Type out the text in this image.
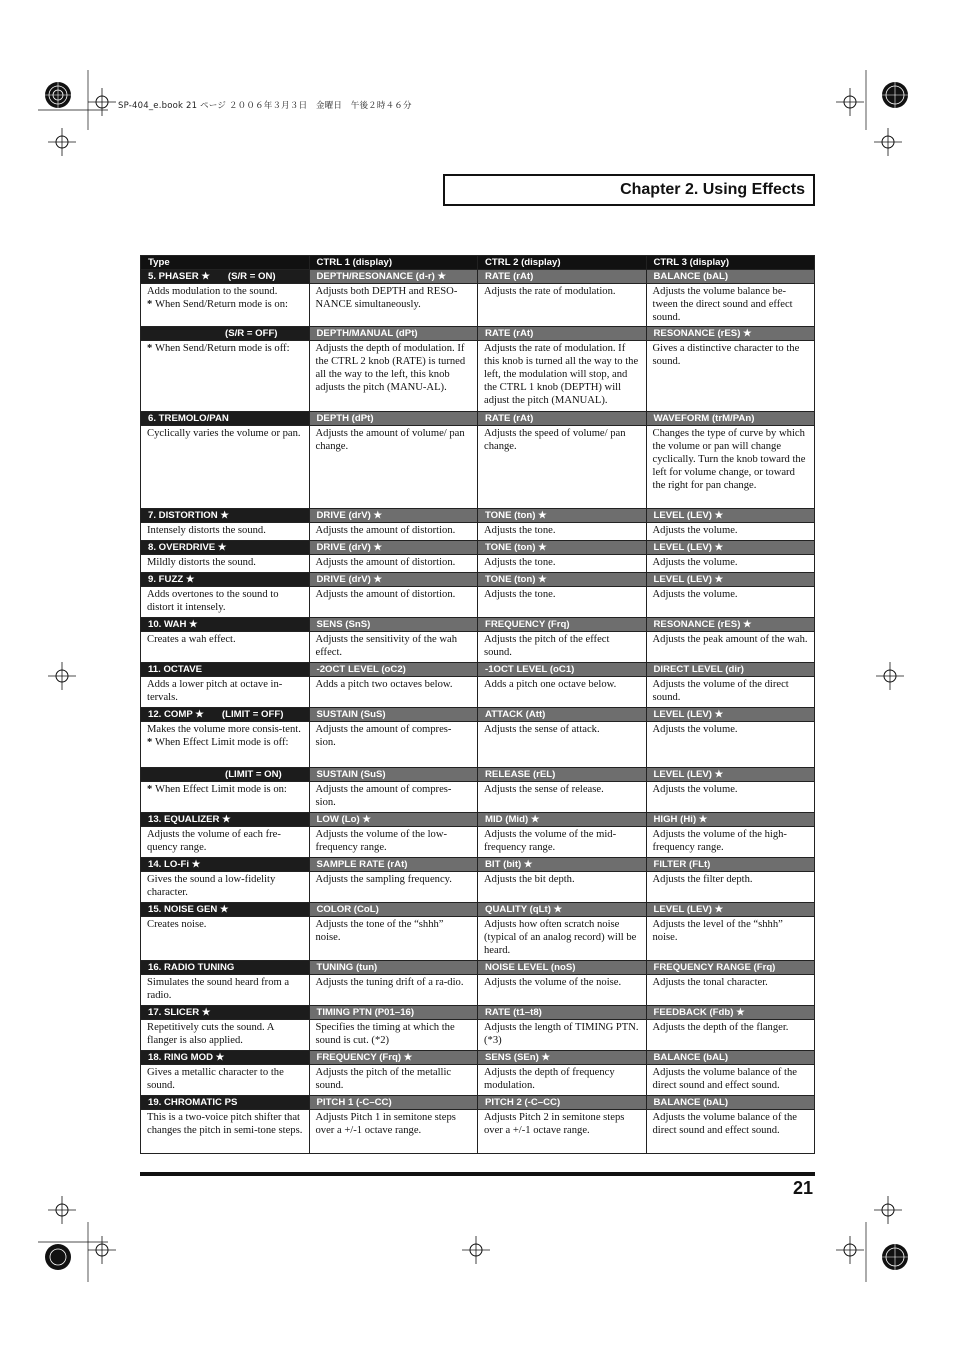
SP-404_e.book 21 ページ ２００６年３月３日　金曜日　午後２時４６分
Chapter 2. Using Effects
Type	CTRL 1 (display)	CTRL 2 (display)	CTRL 3 (display)
5. PHASER ★ (S/R = ON)	DEPTH/RESONANCE (d-r) ★	RATE (rAt)	BALANCE (bAL)

Adds modulation to the sound.
* When Send/Return mode is on:	Adjusts both DEPTH and RESO-NANCE simultaneously.	Adjusts the rate of modulation.	Adjusts the volume balance be-tween the direct sound and effect sound.
(S/R = OFF)	DEPTH/MANUAL (dPt)	RATE (rAt)	RESONANCE (rES) ★

* When Send/Return mode is off:	Adjusts the depth of modulation. If the CTRL 2 knob (RATE) is turned all the way to the left, this knob adjusts the pitch (MANU-AL).	Adjusts the rate of modulation. If this knob is turned all the way to the left, the modulation will stop, and the CTRL 1 knob (DEPTH) will adjust the pitch (MANUAL).	Gives a distinctive character to the sound.
6. TREMOLO/PAN	DEPTH (dPt)	RATE (rAt)	WAVEFORM (trM/PAn)

Cyclically varies the volume or pan.	Adjusts the amount of volume/ pan change.	Adjusts the speed of volume/ pan change.	Changes the type of curve by which the volume or pan will change cyclically. Turn the knob toward the left for volume change, or toward the right for pan change.
7. DISTORTION ★	DRIVE (drV) ★	TONE (ton) ★	LEVEL (LEV) ★

Intensely distorts the sound.	Adjusts the amount of distortion.	Adjusts the tone.	Adjusts the volume.
8. OVERDRIVE ★	DRIVE (drV) ★	TONE (ton) ★	LEVEL (LEV) ★

Mildly distorts the sound.	Adjusts the amount of distortion.	Adjusts the tone.	Adjusts the volume.
9. FUZZ ★	DRIVE (drV) ★	TONE (ton) ★	LEVEL (LEV) ★

Adds overtones to the sound to distort it intensely.	Adjusts the amount of distortion.	Adjusts the tone.	Adjusts the volume.
10. WAH ★	SENS (SnS)	FREQUENCY (Frq)	RESONANCE (rES) ★

Creates a wah effect.	Adjusts the sensitivity of the wah effect.	Adjusts the pitch of the effect sound.	Adjusts the peak amount of the wah.
11. OCTAVE	-2OCT LEVEL (oC2)	-1OCT LEVEL (oC1)	DIRECT LEVEL (dir)

Adds a lower pitch at octave in-tervals.	Adds a pitch two octaves below.	Adds a pitch one octave below.	Adjusts the volume of the direct sound.
12. COMP ★ (LIMIT = OFF)	SUSTAIN (SuS)	ATTACK (Att)	LEVEL (LEV) ★

Makes the volume more consis-tent.
* When Effect Limit mode is off:	Adjusts the amount of compres-sion.	Adjusts the sense of attack.	Adjusts the volume.
(LIMIT = ON)	SUSTAIN (SuS)	RELEASE (rEL)	LEVEL (LEV) ★

* When Effect Limit mode is on:	Adjusts the amount of compres-sion.	Adjusts the sense of release.	Adjusts the volume.
13. EQUALIZER ★	LOW (Lo) ★	MID (Mid) ★	HIGH (Hi) ★

Adjusts the volume of each fre-quency range.	Adjusts the volume of the low-frequency range.	Adjusts the volume of the mid-frequency range.	Adjusts the volume of the high-frequency range.
14. LO-Fi ★	SAMPLE RATE (rAt)	BIT (bit) ★	FILTER (FLt)

Gives the sound a low-fidelity character.	Adjusts the sampling frequency.	Adjusts the bit depth.	Adjusts the filter depth.
15. NOISE GEN ★	COLOR (CoL)	QUALITY (qLt) ★	LEVEL (LEV) ★

Creates noise.	Adjusts the tone of the “shhh” noise.	Adjusts how often scratch noise (typical of an analog record) will be heard.	Adjusts the level of the “shhh” noise.
16. RADIO TUNING	TUNING (tun)	NOISE LEVEL (noS)	FREQUENCY RANGE (Frq)

Simulates the sound heard from a radio.	Adjusts the tuning drift of a ra-dio.	Adjusts the volume of the noise.	Adjusts the tonal character.
17. SLICER ★	TIMING PTN (P01–16)	RATE (t1–t8)	FEEDBACK (Fdb) ★

Repetitively cuts the sound. A flanger is also applied.	Specifies the timing at which the sound is cut. (*2)	Adjusts the length of TIMING PTN. (*3)	Adjusts the depth of the flanger.
18. RING MOD ★	FREQUENCY (Frq) ★	SENS (SEn) ★	BALANCE (bAL)

Gives a metallic character to the sound.	Adjusts the pitch of the metallic sound.	Adjusts the depth of frequency modulation.	Adjusts the volume balance of the direct sound and effect sound.
19. CHROMATIC PS	PITCH 1 (-C–CC)	PITCH 2 (-C–CC)	BALANCE (bAL)

This is a two-voice pitch shifter that changes the pitch in semi-tone steps.	Adjusts Pitch 1 in semitone steps over a +/-1 octave range.	Adjusts Pitch 2 in semitone steps over a +/-1 octave range.	Adjusts the volume balance of the direct sound and effect sound.
21
